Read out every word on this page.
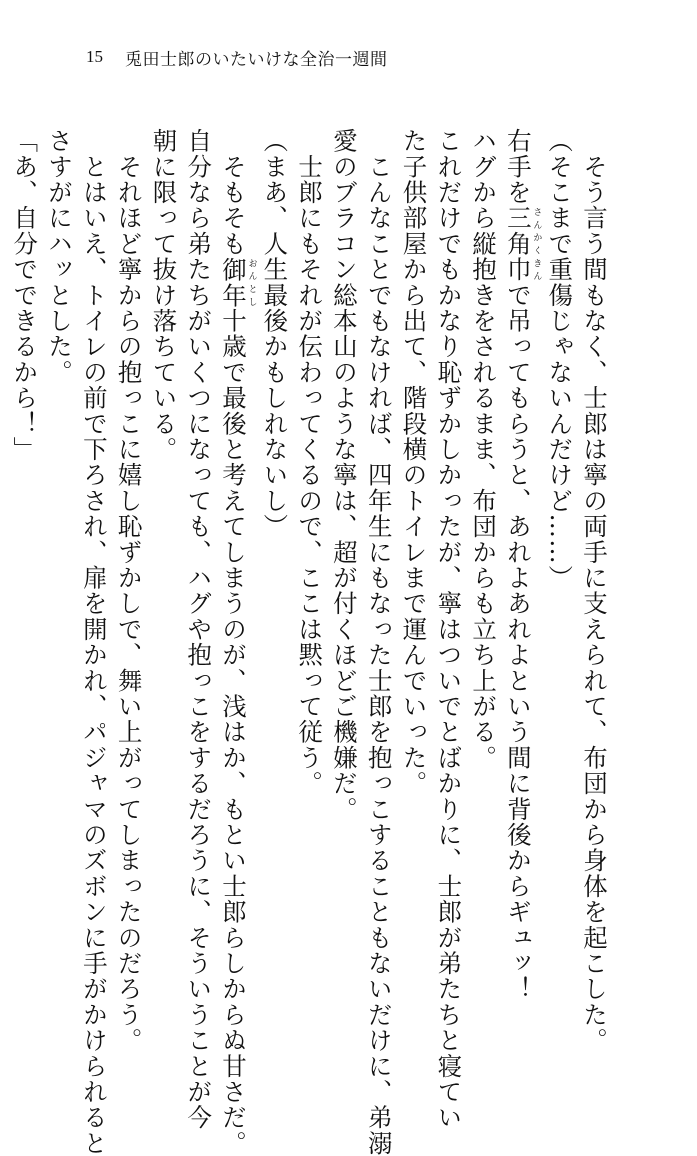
15 兎田士郎のいたいけな全治一週間
　そう言う間もなく、士郎は寧の両手に支えられて、布団から身体を起こした。
（そこまで重傷じゃないんだけど……）
右手を三角巾さんかくきんで吊ってもらうと、あれよあれよという間に背後からギュッ！
ハグから縦抱きをされるまま、布団からも立ち上がる。
これだけでもかなり恥ずかしかったが、寧はついでとばかりに、士郎が弟たちと寝てい
た子供部屋から出て、階段横のトイレまで運んでいった。
　こんなことでもなければ、四年生にもなった士郎を抱っこすることもないだけに、弟溺
愛のブラコン総本山のような寧は、超が付くほどご機嫌だ。
　士郎にもそれが伝わってくるので、ここは黙って従う。
（まあ、人生最後かもしれないし）
　そもそも御年おんとし十歳で最後と考えてしまうのが、浅はか、もとい士郎らしからぬ甘さだ。
自分なら弟たちがいくつになっても、ハグや抱っこをするだろうに、そういうことが今
朝に限って抜け落ちている。
　それほど寧からの抱っこに嬉し恥ずかしで、舞い上がってしまったのだろう。
　とはいえ、トイレの前で下ろされ、扉を開かれ、パジャマのズボンに手がかけられると
さすがにハッとした。
「あ、自分でできるから！」
